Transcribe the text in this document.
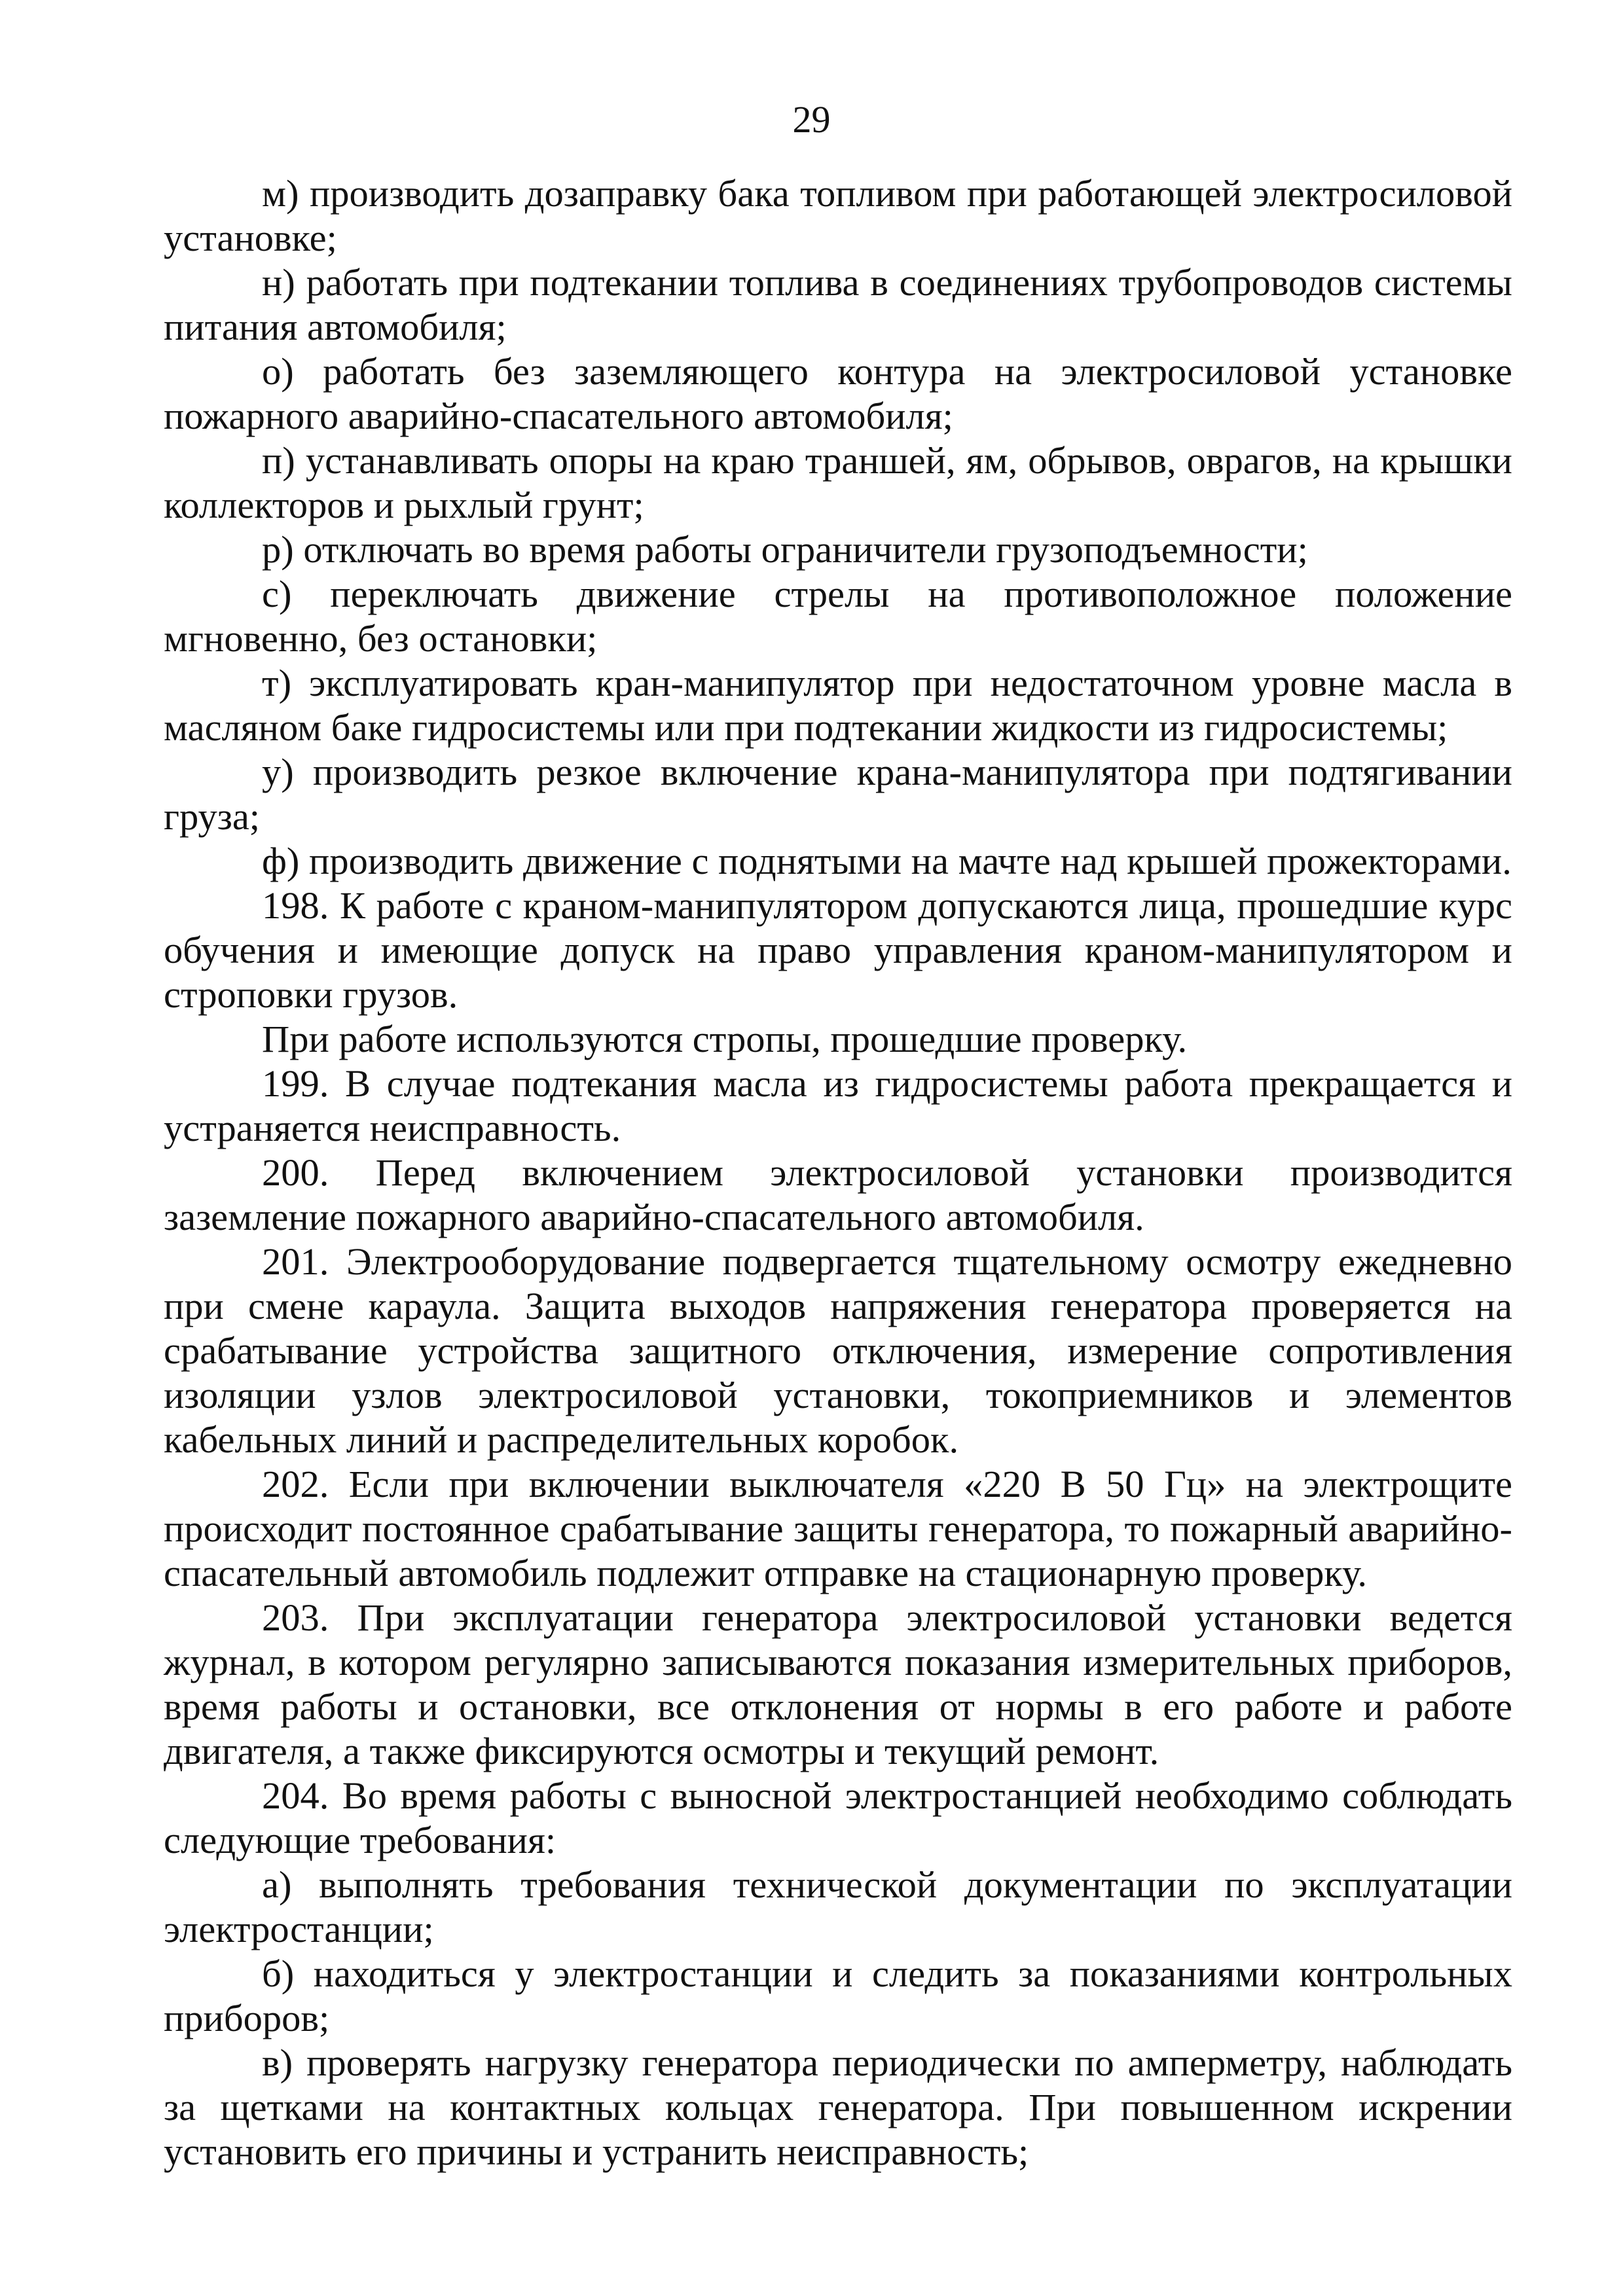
29

м) производить дозаправку бака топливом при работающей электросиловой установке;

н) работать при подтекании топлива в соединениях трубопроводов системы питания автомобиля;

о) работать без заземляющего контура на электросиловой установке пожарного аварийно-спасательного автомобиля;

п) устанавливать опоры на краю траншей, ям, обрывов, оврагов, на крышки коллекторов и рыхлый грунт;

р) отключать во время работы ограничители грузоподъемности;

с) переключать движение стрелы на противоположное положение мгновенно, без остановки;

т) эксплуатировать кран-манипулятор при недостаточном уровне масла в масляном баке гидросистемы или при подтекании жидкости из гидросистемы;

у) производить резкое включение крана-манипулятора при подтягивании груза;

ф) производить движение с поднятыми на мачте над крышей прожекторами.

198. К работе с краном-манипулятором допускаются лица, прошедшие курс обучения и имеющие допуск на право управления краном-манипулятором и строповки грузов.

При работе используются стропы, прошедшие проверку.

199. В случае подтекания масла из гидросистемы работа прекращается и устраняется неисправность.

200. Перед включением электросиловой установки производится заземление пожарного аварийно-спасательного автомобиля.

201. Электрооборудование подвергается тщательному осмотру ежедневно при смене караула. Защита выходов напряжения генератора проверяется на срабатывание устройства защитного отключения, измерение сопротивления изоляции узлов электросиловой установки, токоприемников и элементов кабельных линий и распределительных коробок.

202. Если при включении выключателя «220 В 50 Гц» на электрощите происходит постоянное срабатывание защиты генератора, то пожарный аварийно-спасательный автомобиль подлежит отправке на стационарную проверку.

203. При эксплуатации генератора электросиловой установки ведется журнал, в котором регулярно записываются показания измерительных приборов, время работы и остановки, все отклонения от нормы в его работе и работе двигателя, а также фиксируются осмотры и текущий ремонт.

204. Во время работы с выносной электростанцией необходимо соблюдать следующие требования:

а) выполнять требования технической документации по эксплуатации электростанции;

б) находиться у электростанции и следить за показаниями контрольных приборов;

в) проверять нагрузку генератора периодически по амперметру, наблюдать за щетками на контактных кольцах генератора. При повышенном искрении установить его причины и устранить неисправность;
